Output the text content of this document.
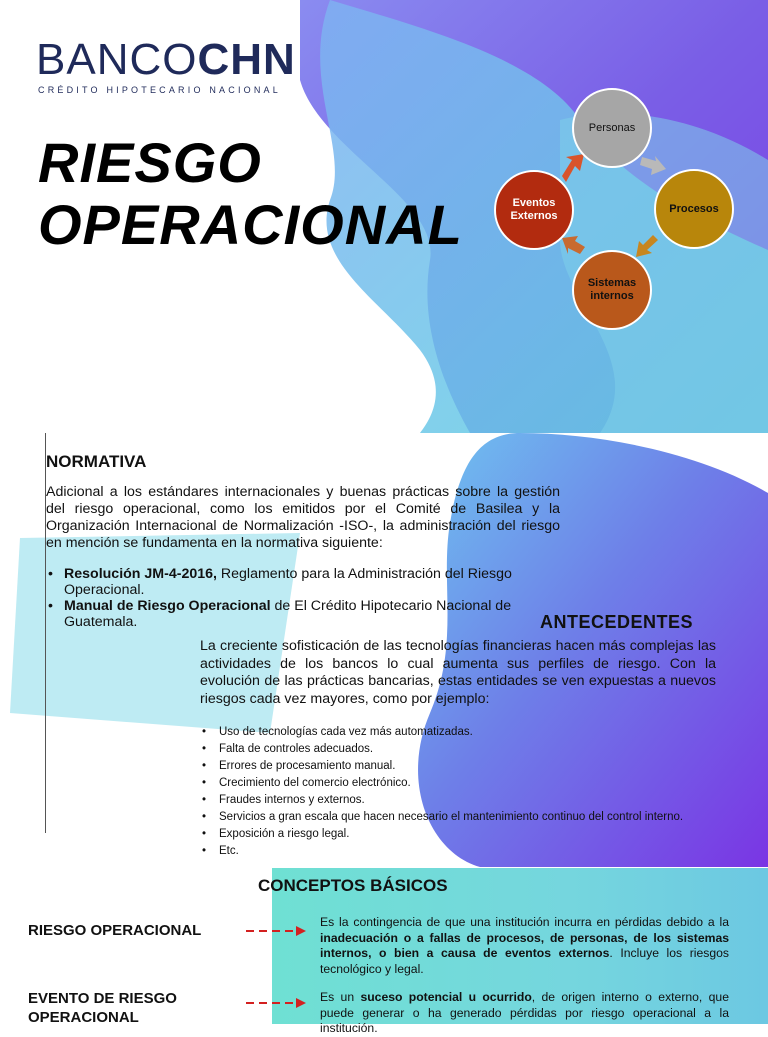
BANCOCHN
CRÉDITO HIPOTECARIO NACIONAL
RIESGO
OPERACIONAL
Personas
Procesos
Sistemas internos
Eventos Externos
NORMATIVA
Adicional a los estándares internacionales y buenas prácticas sobre la gestión del riesgo operacional, como los emitidos por el Comité de Basilea y la Organización Internacional de Normalización -ISO-, la administración del riesgo en mención se fundamenta en la normativa siguiente:
• Resolución JM-4-2016, Reglamento para la Administración del Riesgo Operacional.
• Manual de Riesgo Operacional de El Crédito Hipotecario Nacional de Guatemala.	ANTECEDENTES
La creciente sofisticación de las tecnologías financieras hacen más complejas las actividades de los bancos lo cual aumenta sus perfiles de riesgo. Con la evolución de las prácticas bancarias, estas entidades se ven expuestas a nuevos riesgos cada vez mayores, como por ejemplo:
• Uso de tecnologías cada vez más automatizadas.
• Falta de controles adecuados.
• Errores de procesamiento manual.
• Crecimiento del comercio electrónico.
• Fraudes internos y externos.
• Servicios a gran escala que hacen necesario el mantenimiento continuo del control interno.
• Exposición a riesgo legal.
• Etc.
CONCEPTOS BÁSICOS
RIESGO OPERACIONAL	Es la contingencia de que una institución incurra en pérdidas debido a la inadecuación o a fallas de procesos, de personas, de los sistemas internos, o bien a causa de eventos externos. Incluye los riesgos tecnológico y legal.
EVENTO DE RIESGO
OPERACIONAL
Es un suceso potencial u ocurrido, de origen interno o externo, que puede generar o ha generado pérdidas por riesgo operacional a la institución.
